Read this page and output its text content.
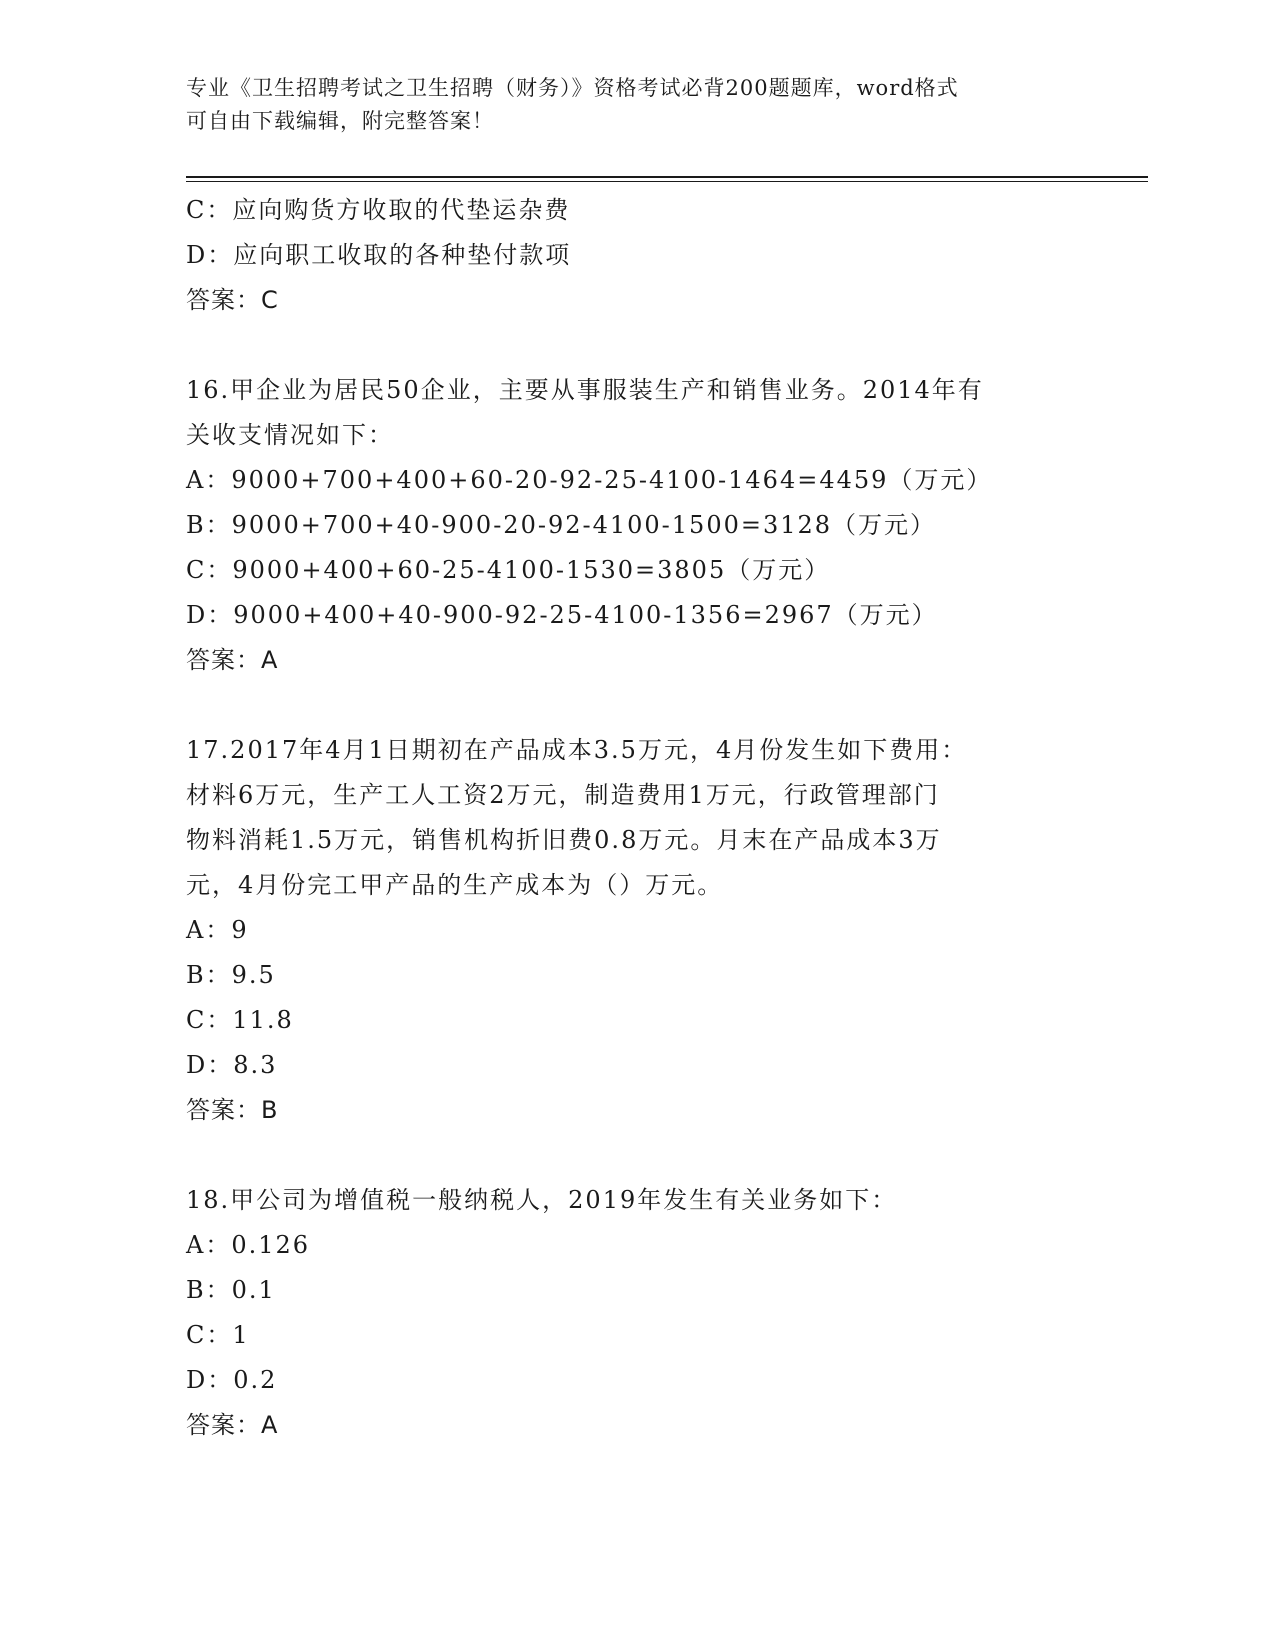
专业《卫生招聘考试之卫生招聘（财务）》资格考试必背200题题库，word格式
可自由下载编辑，附完整答案！
C：应向购货方收取的代垫运杂费
D：应向职工收取的各种垫付款项
答案：C
16.甲企业为居民50企业，主要从事服装生产和销售业务。2014年有
关收支情况如下：
A：9000+700+400+60-20-92-25-4100-1464=4459（万元）
B：9000+700+40-900-20-92-4100-1500=3128（万元）
C：9000+400+60-25-4100-1530=3805（万元）
D：9000+400+40-900-92-25-4100-1356=2967（万元）
答案：A
17.2017年4月1日期初在产品成本3.5万元，4月份发生如下费用：
材料6万元，生产工人工资2万元，制造费用1万元，行政管理部门
物料消耗1.5万元，销售机构折旧费0.8万元。月末在产品成本3万
元，4月份完工甲产品的生产成本为（）万元。
A：9
B：9.5
C：11.8
D：8.3
答案：B
18.甲公司为增值税一般纳税人，2019年发生有关业务如下：
A：0.126
B：0.1
C：1
D：0.2
答案：A
